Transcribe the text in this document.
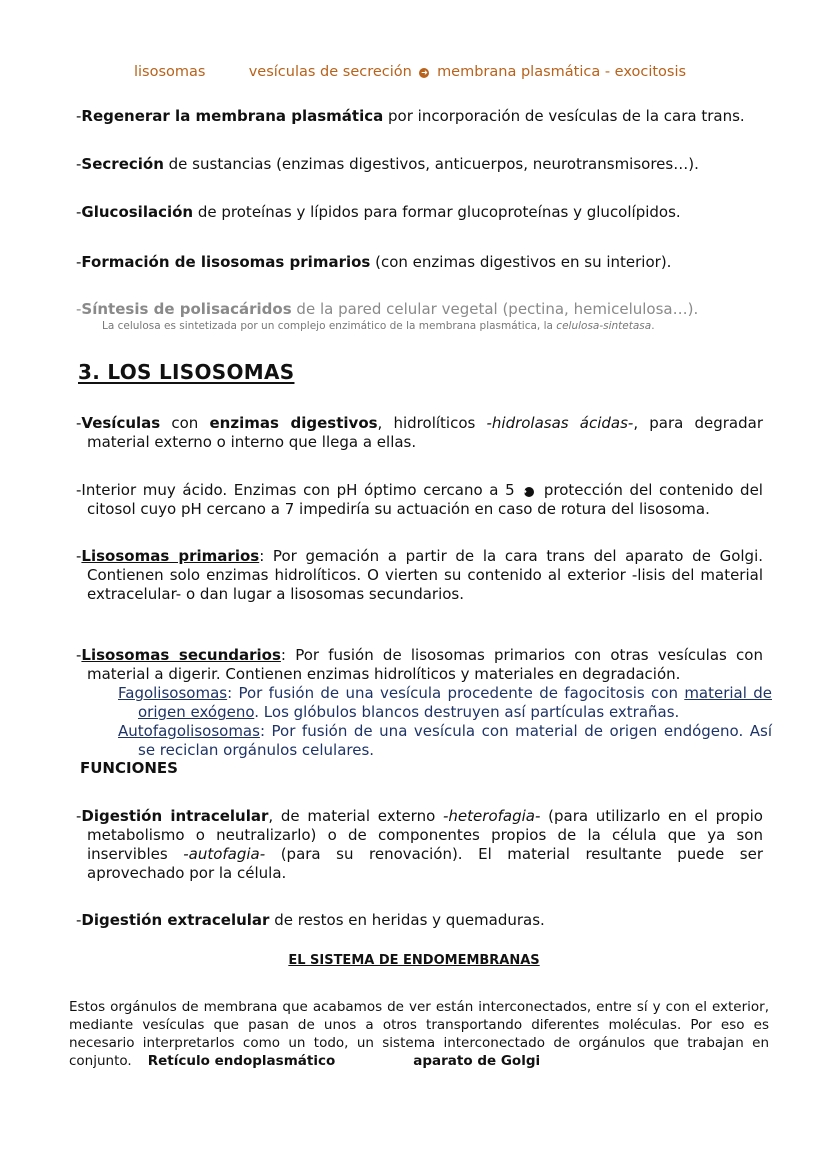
lisosomas	vesículas de secreción ➜ membrana plasmática - exocitosis
-Regenerar la membrana plasmática por incorporación de vesículas de la cara trans.
-Secreción de sustancias (enzimas digestivos, anticuerpos, neurotransmisores…).
-Glucosilación de proteínas y lípidos para formar glucoproteínas y glucolípidos.
-Formación de lisosomas primarios (con enzimas digestivos en su interior).
-Síntesis de polisacáridos de la pared celular vegetal (pectina, hemicelulosa…).
La celulosa es sintetizada por un complejo enzimático de la membrana plasmática, la celulosa-sintetasa.
3. LOS LISOSOMAS
-Vesículas con enzimas digestivos, hidrolíticos -hidrolasas ácidas-, para degradar material externo o interno que llega a ellas.
-Interior muy ácido. Enzimas con pH óptimo cercano a 5 ➜ protección del contenido del citosol cuyo pH cercano a 7 impediría su actuación en caso de rotura del lisosoma.
-Lisosomas primarios: Por gemación a partir de la cara trans del aparato de Golgi. Contienen solo enzimas hidrolíticos. O vierten su contenido al exterior -lisis del material extracelular- o dan lugar a lisosomas secundarios.
-Lisosomas secundarios: Por fusión de lisosomas primarios con otras vesículas con material a digerir. Contienen enzimas hidrolíticos y materiales en degradación.
Fagolisosomas: Por fusión de una vesícula procedente de fagocitosis con material de origen exógeno. Los glóbulos blancos destruyen así partículas extrañas.
Autofagolisosomas: Por fusión de una vesícula con material de origen endógeno. Así se reciclan orgánulos celulares.
FUNCIONES
-Digestión intracelular, de material externo -heterofagia- (para utilizarlo en el propio metabolismo o neutralizarlo) o de componentes propios de la célula que ya son inservibles -autofagia- (para su renovación). El material resultante puede ser aprovechado por la célula.
-Digestión extracelular de restos en heridas y quemaduras.
EL SISTEMA DE ENDOMEMBRANAS
Estos orgánulos de membrana que acabamos de ver están interconectados, entre sí y con el exterior, mediante vesículas que pasan de unos a otros transportando diferentes moléculas. Por eso es necesario interpretarlos como un todo, un sistema interconectado de orgánulos que trabajan en conjunto. Retículo endoplasmático	aparato de Golgi
